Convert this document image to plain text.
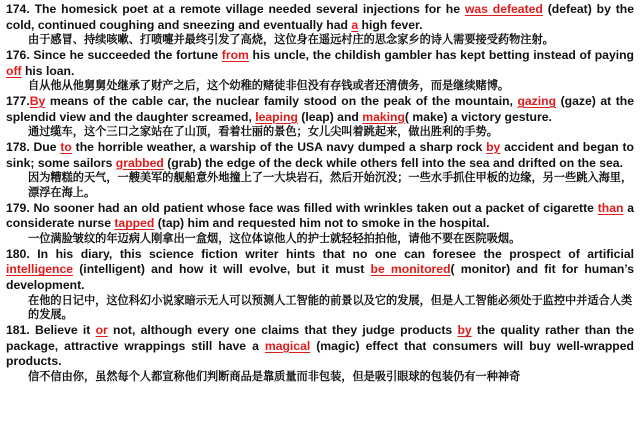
174. The homesick poet at a remote village needed several injections for he was defeated (defeat) by the cold, continued coughing and sneezing and eventually had a high fever.

由于感冒、持续咳嗽、打喷嚏并最终引发了高烧，这位身在遥远村庄的思念家乡的诗人需要接受药物注射。

176. Since he succeeded the fortune from his uncle, the childish gambler has kept betting instead of paying off his loan.

自从他从他舅舅处继承了财产之后，这个幼稚的赌徒非但没有存钱或者还清债务，而是继续赌博。

177.By means of the cable car, the nuclear family stood on the peak of the mountain, gazing (gaze) at the splendid view and the daughter screamed, leaping (leap) and making( make) a victory gesture.

通过缆车，这个三口之家站在了山顶，看着壮丽的景色；女儿尖叫着跳起来，做出胜利的手势。

178. Due to the horrible weather, a warship of the USA navy dumped a sharp rock by accident and began to sink; some sailors grabbed (grab) the edge of the deck while others fell into the sea and drifted on the sea.

因为糟糕的天气，一艘美军的舰船意外地撞上了一大块岩石，然后开始沉没；一些水手抓住甲板的边缘，另一些跳入海里，漂浮在海上。

179. No sooner had an old patient whose face was filled with wrinkles taken out a packet of cigarette than a considerate nurse tapped (tap) him and requested him not to smoke in the hospital.

一位满脸皱纹的年迈病人刚拿出一盒烟，这位体谅他人的护士就轻轻拍拍他，请他不要在医院吸烟。

180. In his diary, this science fiction writer hints that no one can foresee the prospect of artificial intelligence (intelligent) and how it will evolve, but it must be monitored( monitor) and fit for human’s development.

在他的日记中，这位科幻小说家暗示无人可以预测人工智能的前景以及它的发展，但是人工智能必须处于监控中并适合人类的发展。

181. Believe it or not, although every one claims that they judge products by the quality rather than the package, attractive wrappings still have a magical (magic) effect that consumers will buy well-wrapped products.

信不信由你，虽然每个人都宣称他们判断商品是靠质量而非包装，但是吸引眼球的包装仍有一种神奇
